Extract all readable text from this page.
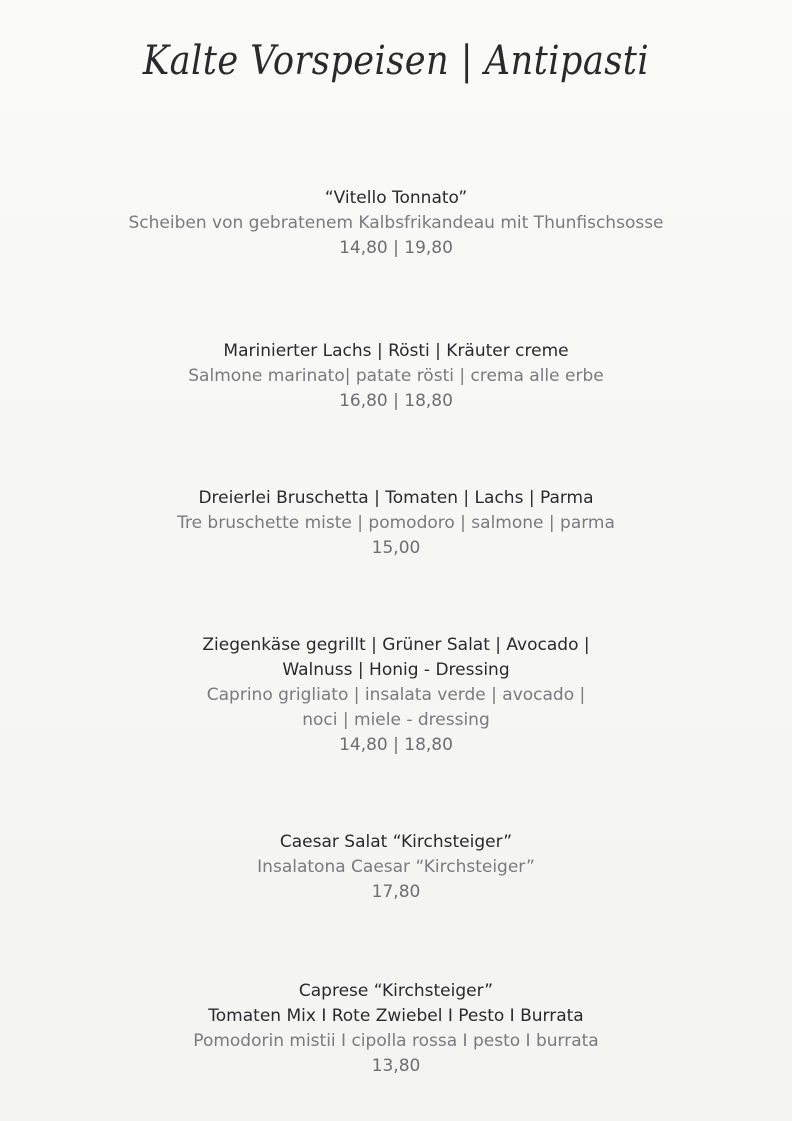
Kalte Vorspeisen | Antipasti
“Vitello Tonnato”
Scheiben von gebratenem Kalbsfrikandeau mit Thunfischsosse
14,80 | 19,80
Marinierter Lachs | Rösti | Kräuter creme
Salmone marinato| patate rösti | crema alle erbe
16,80 | 18,80
Dreierlei Bruschetta | Tomaten | Lachs | Parma
Tre bruschette miste | pomodoro | salmone | parma
15,00
Ziegenkäse gegrillt | Grüner Salat | Avocado |
Walnuss | Honig - Dressing
Caprino grigliato | insalata verde | avocado |
noci | miele - dressing
14,80 | 18,80
Caesar Salat “Kirchsteiger”
Insalatona Caesar “Kirchsteiger”
17,80
Caprese “Kirchsteiger”
Tomaten Mix I Rote Zwiebel I Pesto I Burrata
Pomodorin mistii I cipolla rossa I pesto I burrata
13,80
